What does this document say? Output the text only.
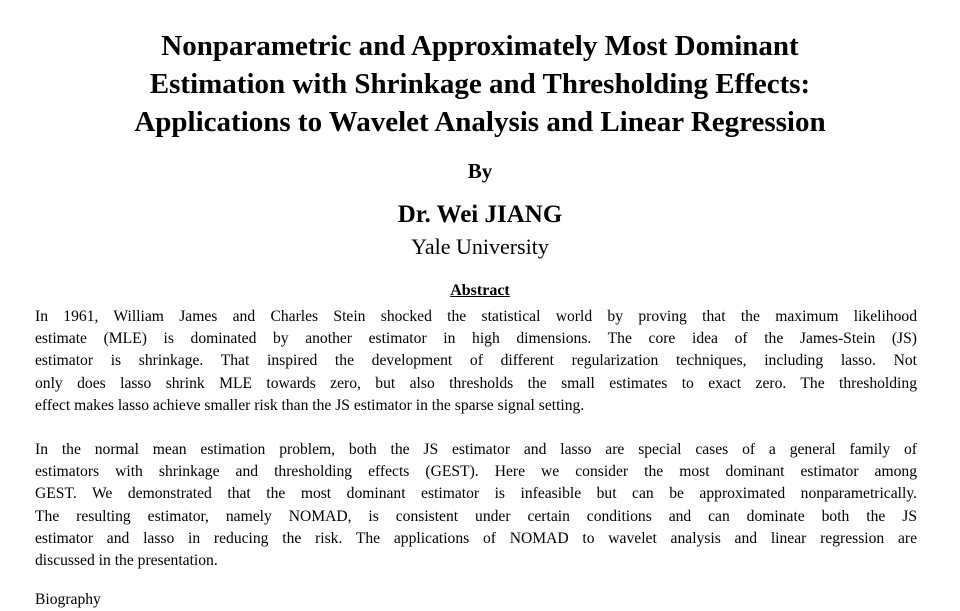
Nonparametric and Approximately Most Dominant
Estimation with Shrinkage and Thresholding Effects:
Applications to Wavelet Analysis and Linear Regression
By
Dr. Wei JIANG
Yale University
Abstract

In 1961, William James and Charles Stein shocked the statistical world by proving that the maximum likelihood
estimate (MLE) is dominated by another estimator in high dimensions. The core idea of the James-Stein (JS)
estimator is shrinkage. That inspired the development of different regularization techniques, including lasso. Not
only does lasso shrink MLE towards zero, but also thresholds the small estimates to exact zero. The thresholding
effect makes lasso achieve smaller risk than the JS estimator in the sparse signal setting.

In the normal mean estimation problem, both the JS estimator and lasso are special cases of a general family of
estimators with shrinkage and thresholding effects (GEST). Here we consider the most dominant estimator among
GEST. We demonstrated that the most dominant estimator is infeasible but can be approximated nonparametrically.
The resulting estimator, namely NOMAD, is consistent under certain conditions and can dominate both the JS
estimator and lasso in reducing the risk. The applications of NOMAD to wavelet analysis and linear regression are
discussed in the presentation.

Biography
